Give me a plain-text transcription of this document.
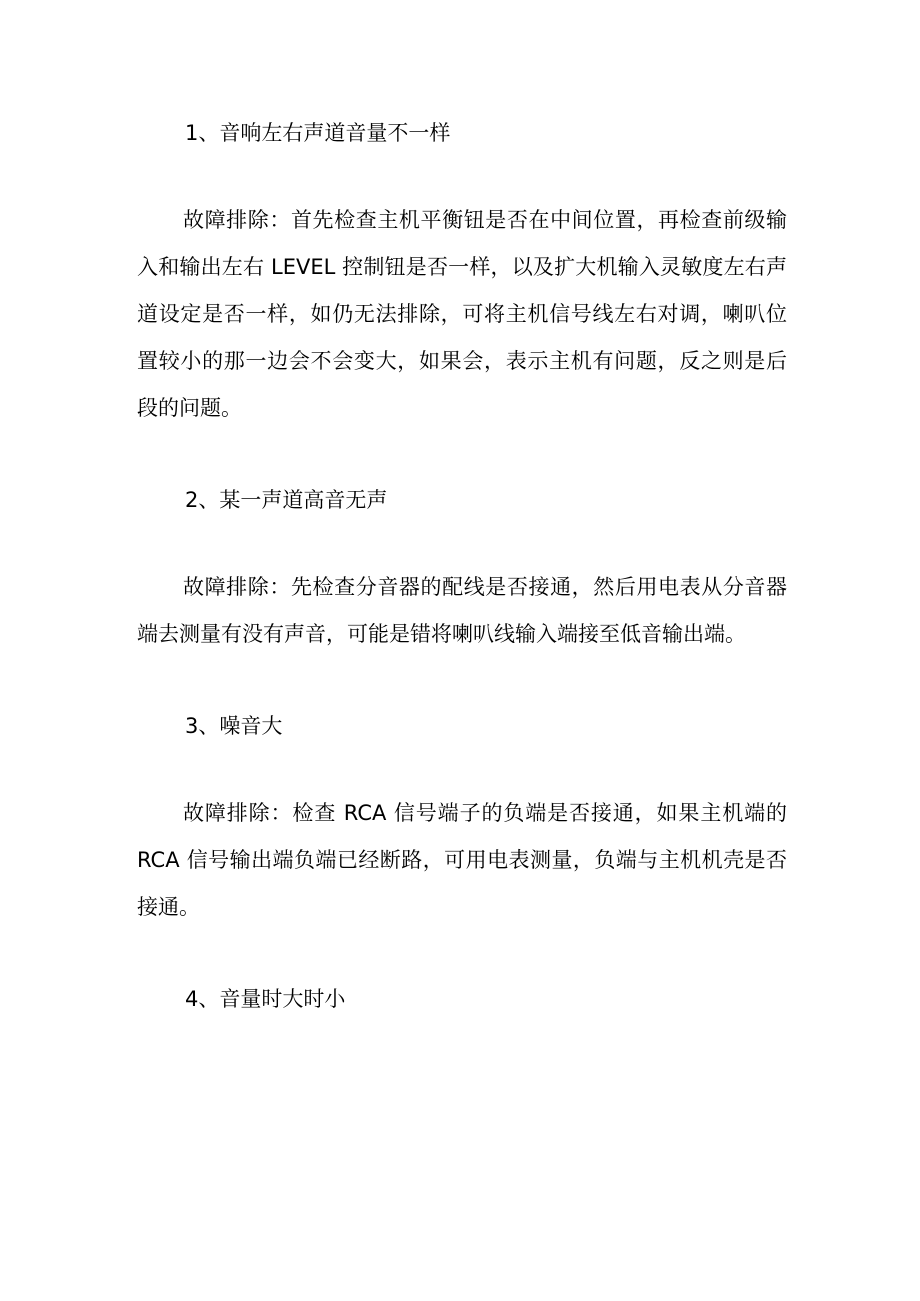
1、音响左右声道音量不一样

故障排除：首先检查主机平衡钮是否在中间位置，再检查前级输入和输出左右 LEVEL 控制钮是否一样，以及扩大机输入灵敏度左右声道设定是否一样，如仍无法排除，可将主机信号线左右对调，喇叭位置较小的那一边会不会变大，如果会，表示主机有问题，反之则是后段的问题。

2、某一声道高音无声

故障排除：先检查分音器的配线是否接通，然后用电表从分音器端去测量有没有声音，可能是错将喇叭线输入端接至低音输出端。

3、噪音大

故障排除：检查 RCA 信号端子的负端是否接通，如果主机端的 RCA 信号输出端负端已经断路，可用电表测量，负端与主机机壳是否接通。

4、音量时大时小
